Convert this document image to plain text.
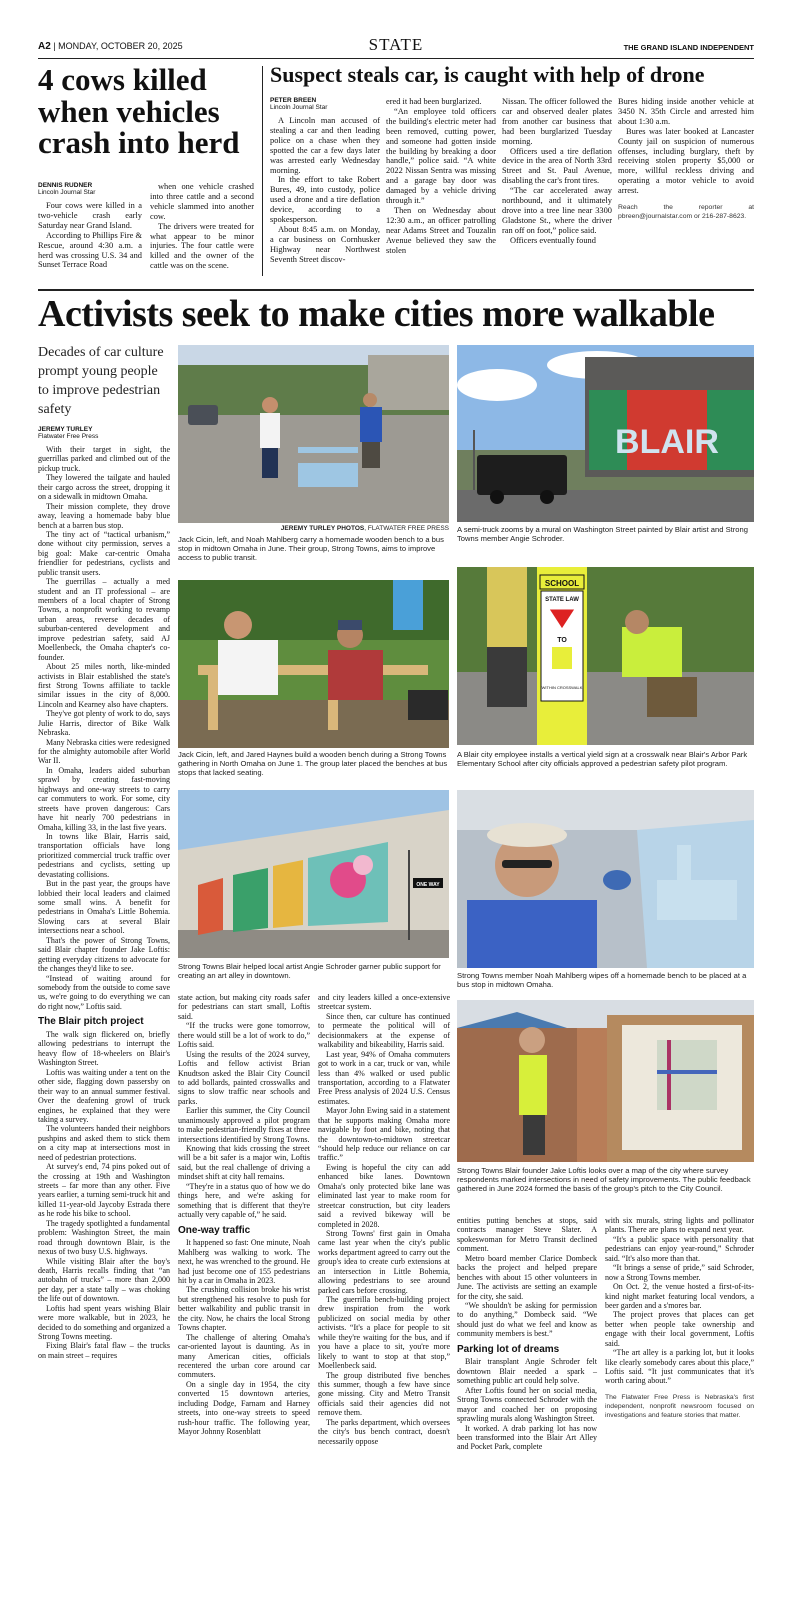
A2 | MONDAY, OCTOBER 20, 2025	STATE	THE GRAND ISLAND INDEPENDENT
4 cows killed when vehicles crash into herd
DENNIS RUDNER
Lincoln Journal Star

Four cows were killed in a two-vehicle crash early Saturday near Grand Island.

According to Phillips Fire & Rescue, around 4:30 a.m. a herd was crossing U.S. 34 and Sunset Terrace Road

when one vehicle crashed into three cattle and a second vehicle slammed into another cow.

The drivers were treated for what appear to be minor injuries. The four cattle were killed and the owner of the cattle was on the scene.

Suspect steals car, is caught with help of drone
PETER BREEN
Lincoln Journal Star

A Lincoln man accused of stealing a car and then leading police on a chase when they spotted the car a few days later was arrested early Wednesday morning.

In the effort to take Robert Bures, 49, into custody, police used a drone and a tire deflation device, according to a spokesperson.

About 8:45 a.m. on Monday, a car business on Cornhusker Highway near Northwest Seventh Street discov-

ered it had been burglarized.

“An employee told officers the building's electric meter had been removed, cutting power, and someone had gotten inside the building by breaking a door handle,” police said. “A white 2022 Nissan Sentra was missing and a garage bay door was damaged by a vehicle driving through it.”

Then on Wednesday about 12:30 a.m., an officer patrolling near Adams Street and Touzalin Avenue believed they saw the stolen

Nissan. The officer followed the car and observed dealer plates from another car business that had been burglarized Tuesday morning.

Officers used a tire deflation device in the area of North 33rd Street and St. Paul Avenue, disabling the car's front tires.

“The car accelerated away northbound, and it ultimately drove into a tree line near 3300 Gladstone St., where the driver ran off on foot,” police said.

Officers eventually found

Bures hiding inside another vehicle at 3450 N. 35th Circle and arrested him about 1:30 a.m.

Bures was later booked at Lancaster County jail on suspicion of numerous offenses, including burglary, theft by receiving stolen property $5,000 or more, willful reckless driving and operating a motor vehicle to avoid arrest.

Reach the reporter at pbreen@journalstar.com or 216-287-8623.
Activists seek to make cities more walkable
Decades of car culture prompt young people to improve pedestrian safety
JEREMY TURLEY
Flatwater Free Press

With their target in sight, the guerrillas parked and climbed out of the pickup truck.

They lowered the tailgate and hauled their cargo across the street, dropping it on a sidewalk in midtown Omaha.

Their mission complete, they drove away, leaving a homemade baby blue bench at a barren bus stop.

The tiny act of “tactical urbanism,” done without city permission, serves a big goal: Make car-centric Omaha friendlier for pedestrians, cyclists and public transit users.

The guerrillas – actually a med student and an IT professional – are members of a local chapter of Strong Towns, a nonprofit working to revamp urban areas, reverse decades of suburban-centered development and improve pedestrian safety, said AJ Moellenbeck, the Omaha chapter's co-founder.

About 25 miles north, like-minded activists in Blair established the state's first Strong Towns affiliate to tackle similar issues in the city of 8,000. Lincoln and Kearney also have chapters.

They've got plenty of work to do, says Julie Harris, director of Bike Walk Nebraska.

Many Nebraska cities were redesigned for the almighty automobile after World War II.

In Omaha, leaders aided suburban sprawl by creating fast-moving highways and one-way streets to carry car commuters to work. For some, city streets have proven dangerous: Cars have hit nearly 700 pedestrians in Omaha, killing 33, in the last five years.

In towns like Blair, Harris said, transportation officials have long prioritized commercial truck traffic over pedestrians and cyclists, setting up devastating collisions.

But in the past year, the groups have lobbied their local leaders and claimed some small wins. A benefit for pedestrians in Omaha's Little Bohemia. Slowing cars at several Blair intersections near a school.

That's the power of Strong Towns, said Blair chapter founder Jake Loftis: getting everyday citizens to advocate for the changes they'd like to see.

“Instead of waiting around for somebody from the outside to come save us, we're going to do everything we can do right now,” Loftis said.

The Blair pitch project

The walk sign flickered on, briefly allowing pedestrians to interrupt the heavy flow of 18-wheelers on Blair's Washington Street.

Loftis was waiting under a tent on the other side, flagging down passersby on their way to an annual summer festival. Over the deafening growl of truck engines, he explained that they were taking a survey.

The volunteers handed their neighbors pushpins and asked them to stick them on a city map at intersections most in need of pedestrian protections.

At survey's end, 74 pins poked out of the crossing at 19th and Washington streets – far more than any other. Five years earlier, a turning semi-truck hit and killed 11-year-old Jaycoby Estrada there as he rode his bike to school.

The tragedy spotlighted a fundamental problem: Washington Street, the main road through downtown Blair, is the nexus of two busy U.S. highways.

While visiting Blair after the boy's death, Harris recalls finding that “an autobahn of trucks” – more than 2,000 per day, per a state tally – was choking the life out of downtown.

Loftis had spent years wishing Blair were more walkable, but in 2023, he decided to do something and organized a Strong Towns meeting.

Fixing Blair's fatal flaw – the trucks on main street – requires

JEREMY TURLEY PHOTOS, FLATWATER FREE PRESS
Jack Cicin, left, and Noah Mahlberg carry a homemade wooden bench to a bus stop in midtown Omaha in June. Their group, Strong Towns, aims to improve access to public transit.
BLAIR
A semi-truck zooms by a mural on Washington Street painted by Blair artist and Strong Towns member Angie Schroder.
Jack Cicin, left, and Jared Haynes build a wooden bench during a Strong Towns gathering in North Omaha on June 1. The group later placed the benches at bus stops that lacked seating.
SCHOOL
STATE LAW
TO
WITHIN CROSSWALK
A Blair city employee installs a vertical yield sign at a crosswalk near Blair's Arbor Park Elementary School after city officials approved a pedestrian safety pilot program.
ONE WAY
Strong Towns Blair helped local artist Angie Schroder garner public support for creating an art alley in downtown.	Strong Towns member Noah Mahlberg wipes off a homemade bench to be placed at a bus stop in midtown Omaha.
Strong Towns Blair founder Jake Loftis looks over a map of the city where survey respondents marked intersections in need of safety improvements. The public feedback gathered in June 2024 formed the basis of the group's pitch to the City Council.

state action, but making city roads safer for pedestrians can start small, Loftis said.

“If the trucks were gone tomorrow, there would still be a lot of work to do,” Loftis said.

Using the results of the 2024 survey, Loftis and fellow activist Brian Knudtson asked the Blair City Council to add bollards, painted crosswalks and signs to slow traffic near schools and parks.

Earlier this summer, the City Council unanimously approved a pilot program to make pedestrian-friendly fixes at three intersections identified by Strong Towns.

Knowing that kids crossing the street will be a bit safer is a major win, Loftis said, but the real challenge of driving a mindset shift at city hall remains.

“They're in a status quo of how we do things here, and we're asking for something that is different that they're actually very capable of,” he said.

One-way traffic

It happened so fast: One minute, Noah Mahlberg was walking to work. The next, he was wrenched to the ground. He had just become one of 155 pedestrians hit by a car in Omaha in 2023.

The crushing collision broke his wrist but strengthened his resolve to push for better walkability and public transit in the city. Now, he chairs the local Strong Towns chapter.

The challenge of altering Omaha's car-oriented layout is daunting. As in many American cities, officials recentered the urban core around car commuters.

On a single day in 1954, the city converted 15 downtown arteries, including Dodge, Farnam and Harney streets, into one-way streets to speed rush-hour traffic. The following year, Mayor Johnny Rosenblatt

and city leaders killed a once-extensive streetcar system.

Since then, car culture has continued to permeate the political will of decisionmakers at the expense of walkability and bikeability, Harris said.

Last year, 94% of Omaha commuters got to work in a car, truck or van, while less than 4% walked or used public transportation, according to a Flatwater Free Press analysis of 2024 U.S. Census estimates.

Mayor John Ewing said in a statement that he supports making Omaha more navigable by foot and bike, noting that the downtown-to-midtown streetcar “should help reduce our reliance on car traffic.”

Ewing is hopeful the city can add enhanced bike lanes. Downtown Omaha's only protected bike lane was eliminated last year to make room for streetcar construction, but city leaders said a revived bikeway will be completed in 2028.

Strong Towns' first gain in Omaha came last year when the city's public works department agreed to carry out the group's idea to create curb extensions at an intersection in Little Bohemia, allowing pedestrians to see around parked cars before crossing.

The guerrilla bench-building project drew inspiration from the work publicized on social media by other activists. “It's a place for people to sit while they're waiting for the bus, and if you have a place to sit, you're more likely to want to stop at that stop,” Moellenbeck said.

The group distributed five benches this summer, though a few have since gone missing. City and Metro Transit officials said their agencies did not remove them.

The parks department, which oversees the city's bus bench contract, doesn't necessarily oppose

entities putting benches at stops, said contracts manager Steve Slater. A spokeswoman for Metro Transit declined comment.

Metro board member Clarice Dombeck backs the project and helped prepare benches with about 15 other volunteers in June. The activists are setting an example for the city, she said.

“We shouldn't be asking for permission to do anything,” Dombeck said. “We should just do what we feel and know as community members is best.”

Parking lot of dreams

Blair transplant Angie Schroder felt downtown Blair needed a spark – something public art could help solve.

After Loftis found her on social media, Strong Towns connected Schroder with the mayor and coached her on proposing sprawling murals along Washington Street.

It worked. A drab parking lot has now been transformed into the Blair Art Alley and Pocket Park, complete

with six murals, string lights and pollinator plants. There are plans to expand next year.

“It's a public space with personality that pedestrians can enjoy year-round,” Schroder said. “It's also more than that.

“It brings a sense of pride,” said Schroder, now a Strong Towns member.

On Oct. 2, the venue hosted a first-of-its-kind night market featuring local vendors, a beer garden and a s'mores bar.

The project proves that places can get better when people take ownership and engage with their local government, Loftis said.

“The art alley is a parking lot, but it looks like clearly somebody cares about this place,” Loftis said. “It just communicates that it's worth caring about.”

The Flatwater Free Press is Nebraska's first independent, nonprofit newsroom focused on investigations and feature stories that matter.
